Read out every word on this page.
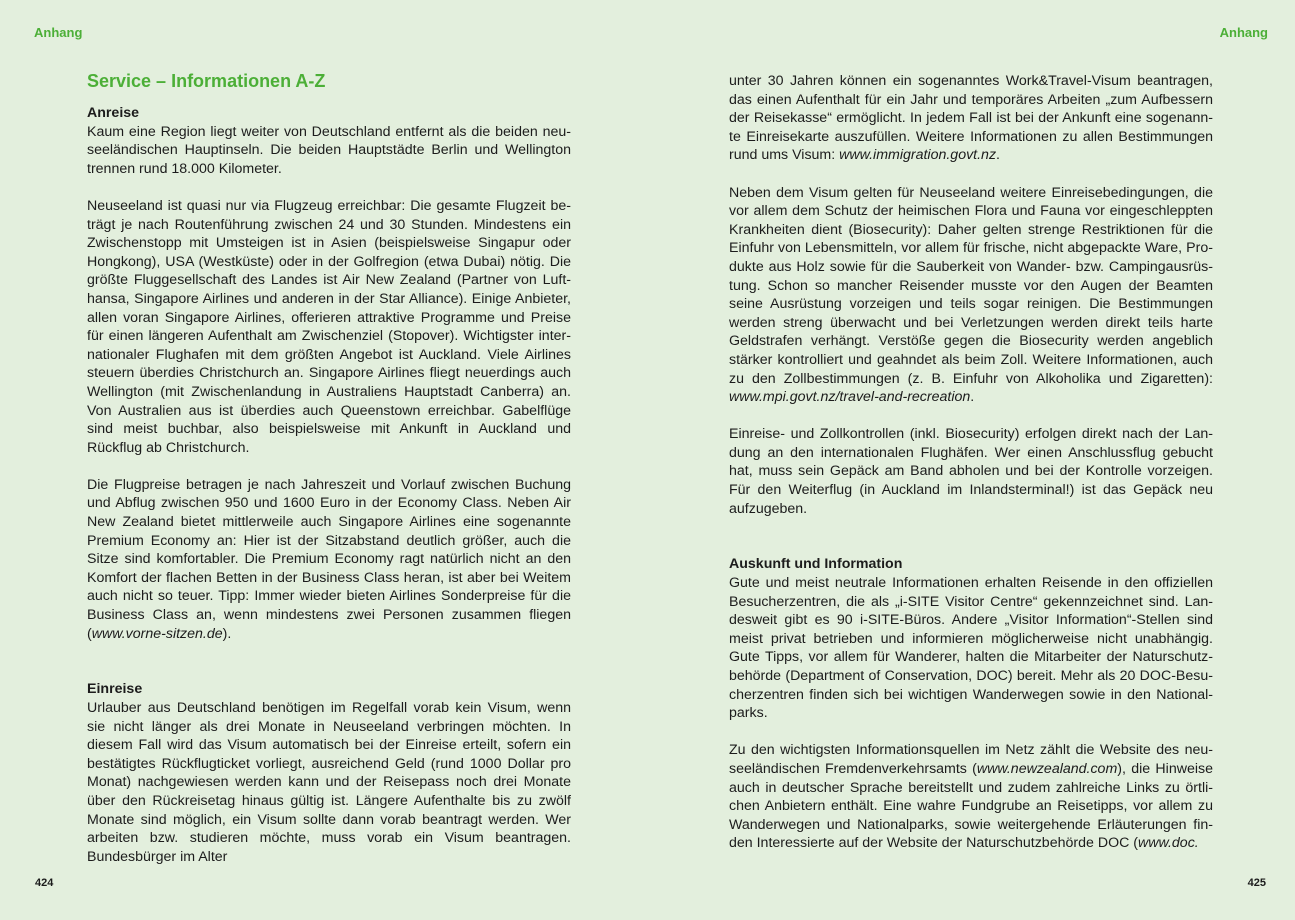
Anhang
Service – Informationen A-Z
Anreise

Kaum eine Region liegt weiter von Deutschland entfernt als die beiden neuseeländischen Hauptinseln. Die beiden Hauptstädte Berlin und Wellington trennen rund 18.000 Kilometer.

Neuseeland ist quasi nur via Flugzeug erreichbar: Die gesamte Flugzeit beträgt je nach Routenführung zwischen 24 und 30 Stunden. Mindestens ein Zwischenstopp mit Umsteigen ist in Asien (beispielsweise Singapur oder Hongkong), USA (Westküste) oder in der Golfregion (etwa Dubai) nötig. Die größte Fluggesellschaft des Landes ist Air New Zealand (Partner von Lufthansa, Singapore Airlines und anderen in der Star Alliance). Einige Anbieter, allen voran Singapore Airlines, offerieren attraktive Programme und Preise für einen längeren Aufenthalt am Zwischenziel (Stopover). Wichtigster internationaler Flughafen mit dem größten Angebot ist Auckland. Viele Airlines steuern überdies Christchurch an. Singapore Airlines fliegt neuerdings auch Wellington (mit Zwischenlandung in Australiens Hauptstadt Canberra) an. Von Australien aus ist überdies auch Queenstown erreichbar. Gabelflüge sind meist buchbar, also beispielsweise mit Ankunft in Auckland und Rückflug ab Christchurch.

Die Flugpreise betragen je nach Jahreszeit und Vorlauf zwischen Buchung und Abflug zwischen 950 und 1600 Euro in der Economy Class. Neben Air New Zealand bietet mittlerweile auch Singapore Airlines eine sogenannte Premium Economy an: Hier ist der Sitzabstand deutlich größer, auch die Sitze sind komfortabler. Die Premium Economy ragt natürlich nicht an den Komfort der flachen Betten in der Business Class heran, ist aber bei Weitem auch nicht so teuer. Tipp: Immer wieder bieten Airlines Sonderpreise für die Business Class an, wenn mindestens zwei Personen zusammen fliegen (www.vorne-sitzen.de).

Einreise

Urlauber aus Deutschland benötigen im Regelfall vorab kein Visum, wenn sie nicht länger als drei Monate in Neuseeland verbringen möchten. In diesem Fall wird das Visum automatisch bei der Einreise erteilt, sofern ein bestätigtes Rückflugticket vorliegt, ausreichend Geld (rund 1000 Dollar pro Monat) nachgewiesen werden kann und der Reisepass noch drei Monate über den Rückreisetag hinaus gültig ist. Längere Aufenthalte bis zu zwölf Monate sind möglich, ein Visum sollte dann vorab beantragt werden. Wer arbeiten bzw. studieren möchte, muss vorab ein Visum beantragen. Bundesbürger im Alter

424
Anhang

unter 30 Jahren können ein sogenanntes Work&Travel-Visum beantragen, das einen Aufenthalt für ein Jahr und temporäres Arbeiten „zum Aufbessern der Reisekasse“ ermöglicht. In jedem Fall ist bei der Ankunft eine sogenannte Einreisekarte auszufüllen. Weitere Informationen zu allen Bestimmungen rund ums Visum: www.immigration.govt.nz.

Neben dem Visum gelten für Neuseeland weitere Einreisebedingungen, die vor allem dem Schutz der heimischen Flora und Fauna vor eingeschleppten Krankheiten dient (Biosecurity): Daher gelten strenge Restriktionen für die Einfuhr von Lebensmitteln, vor allem für frische, nicht abgepackte Ware, Produkte aus Holz sowie für die Sauberkeit von Wander- bzw. Campingausrüstung. Schon so mancher Reisender musste vor den Augen der Beamten seine Ausrüstung vorzeigen und teils sogar reinigen. Die Bestimmungen werden streng überwacht und bei Verletzungen werden direkt teils harte Geldstrafen verhängt. Verstöße gegen die Biosecurity werden angeblich stärker kontrolliert und geahndet als beim Zoll. Weitere Informationen, auch zu den Zollbestimmungen (z. B. Einfuhr von Alkoholika und Zigaretten): www.mpi.govt.nz/travel-and-recreation.

Einreise- und Zollkontrollen (inkl. Biosecurity) erfolgen direkt nach der Landung an den internationalen Flughäfen. Wer einen Anschlussflug gebucht hat, muss sein Gepäck am Band abholen und bei der Kontrolle vorzeigen. Für den Weiterflug (in Auckland im Inlandsterminal!) ist das Gepäck neu aufzugeben.

Auskunft und Information

Gute und meist neutrale Informationen erhalten Reisende in den offiziellen Besucherzentren, die als „i-SITE Visitor Centre“ gekennzeichnet sind. Landesweit gibt es 90 i-SITE-Büros. Andere „Visitor Information“-Stellen sind meist privat betrieben und informieren möglicherweise nicht unabhängig. Gute Tipps, vor allem für Wanderer, halten die Mitarbeiter der Naturschutzbehörde (Department of Conservation, DOC) bereit. Mehr als 20 DOC-Besucherzentren finden sich bei wichtigen Wanderwegen sowie in den Nationalparks.

Zu den wichtigsten Informationsquellen im Netz zählt die Website des neuseeländischen Fremdenverkehrsamts (www.newzealand.com), die Hinweise auch in deutscher Sprache bereitstellt und zudem zahlreiche Links zu örtlichen Anbietern enthält. Eine wahre Fundgrube an Reisetipps, vor allem zu Wanderwegen und Nationalparks, sowie weitergehende Erläuterungen finden Interessierte auf der Website der Naturschutzbehörde DOC (www.doc.

425
